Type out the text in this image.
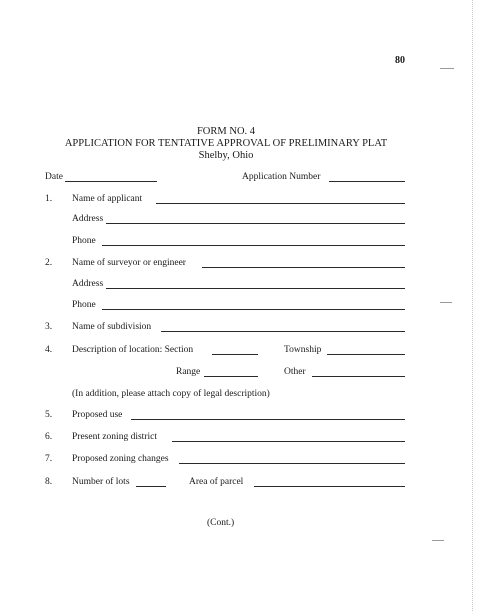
80
FORM NO. 4
APPLICATION FOR TENTATIVE APPROVAL OF PRELIMINARY PLAT
Shelby, Ohio
Date	Application Number
1. Name of applicant
Address
Phone
2. Name of surveyor or engineer
Address
Phone
3. Name of subdivision
4. Description of location: Section	Township
Range	Other
(In addition, please attach copy of legal description)
5. Proposed use
6. Present zoning district
7. Proposed zoning changes
8. Number of lots	Area of parcel
(Cont.)
